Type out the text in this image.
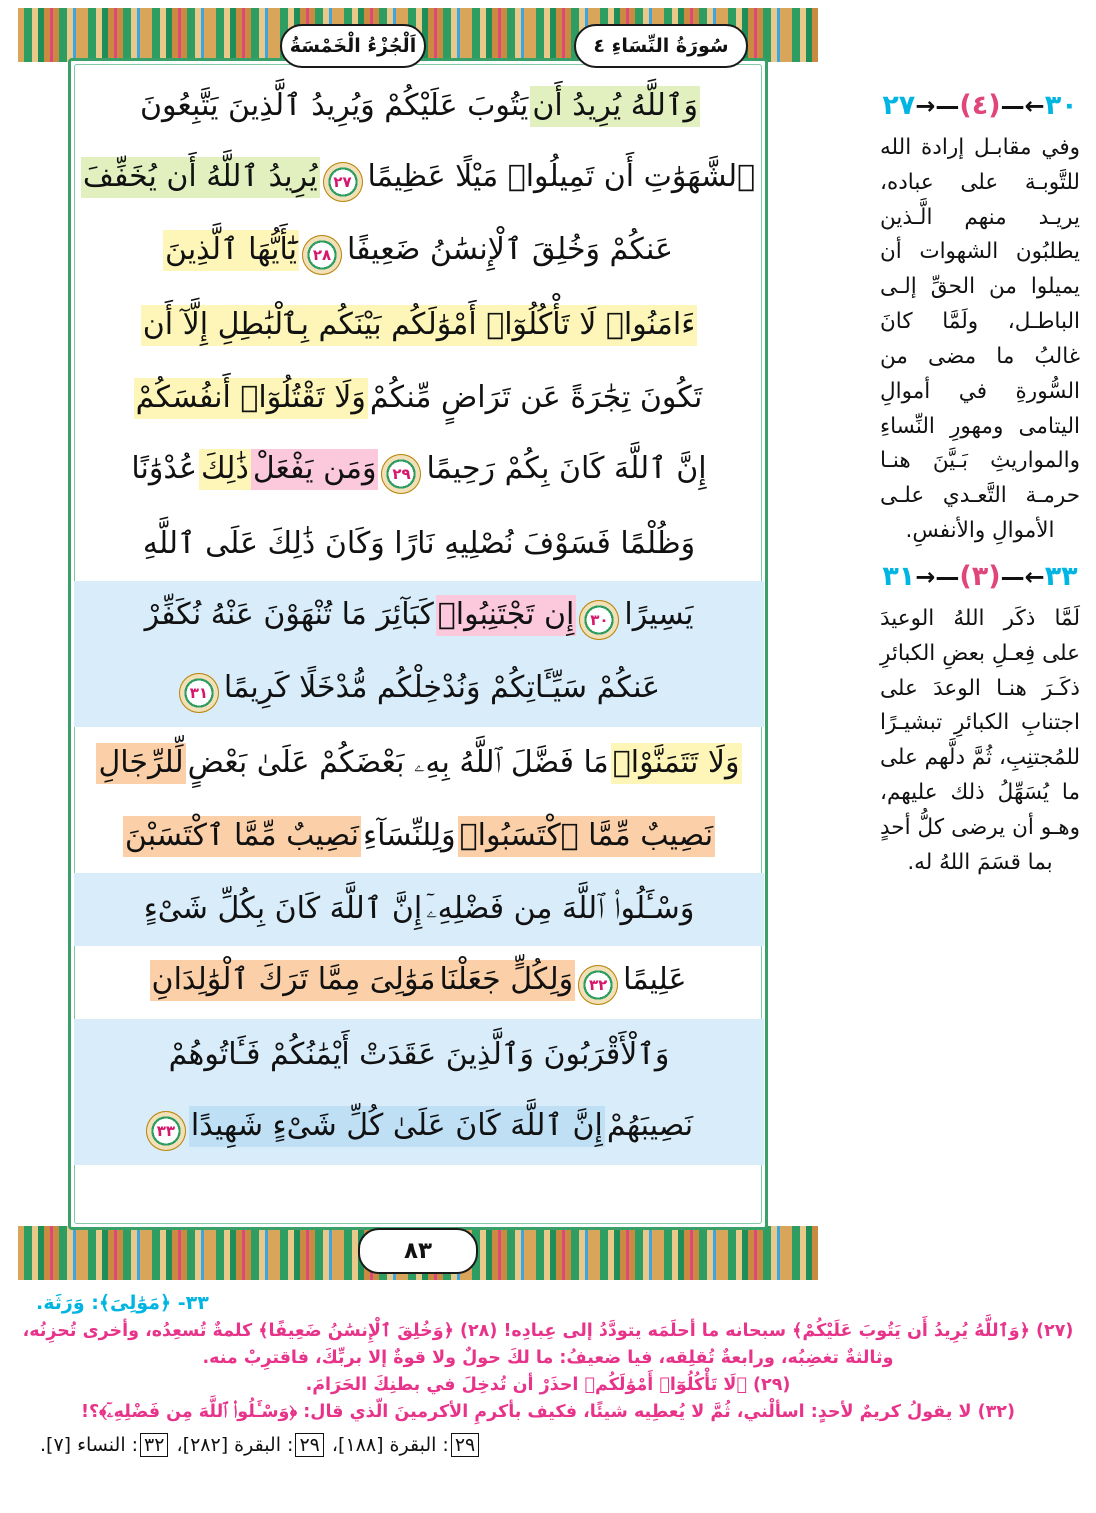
سُورَةُ النِّسَاءِ ٤
اَلْجُزْءُ الْخَمْسَةُ
٨٣
وَٱللَّهُ يُرِيدُ أَنيَتُوبَ عَلَيْكُمْ وَيُرِيدُ ٱلَّذِينَ يَتَّبِعُونَ
ٱلشَّهَوَٰتِ أَن تَمِيلُوا۟ مَيْلًا عَظِيمًا٢٧يُرِيدُ ٱللَّهُ أَن يُخَفِّفَ
عَنكُمْ وَخُلِقَ ٱلْإِنسَٰنُ ضَعِيفًا٢٨يَٰٓأَيُّهَا ٱلَّذِينَ
ءَامَنُوا۟ لَا تَأْكُلُوٓا۟ أَمْوَٰلَكُم بَيْنَكُم بِٱلْبَٰطِلِ إِلَّآ أَن
تَكُونَ تِجَٰرَةً عَن تَرَاضٍ مِّنكُمْوَلَا تَقْتُلُوٓا۟ أَنفُسَكُمْ
إِنَّ ٱللَّهَ كَانَ بِكُمْ رَحِيمًا٢٩وَمَن يَفْعَلْذَٰلِكَعُدْوَٰنًا
وَظُلْمًا فَسَوْفَ نُصْلِيهِ نَارًا وَكَانَ ذَٰلِكَ عَلَى ٱللَّهِ
يَسِيرًا٣٠إِن تَجْتَنِبُوا۟كَبَآئِرَ مَا تُنْهَوْنَ عَنْهُ نُكَفِّرْ
عَنكُمْ سَيِّـَٔاتِكُمْ وَنُدْخِلْكُم مُّدْخَلًا كَرِيمًا٣١
وَلَا تَتَمَنَّوْا۟مَا فَضَّلَ ٱللَّهُ بِهِۦ بَعْضَكُمْ عَلَىٰ بَعْضٍلِّلرِّجَالِ
نَصِيبٌ مِّمَّا ٱكْتَسَبُوا۟وَلِلنِّسَآءِنَصِيبٌ مِّمَّا ٱكْتَسَبْنَ
وَسْـَٔلُوا۟ ٱللَّهَ مِن فَضْلِهِۦٓإِنَّ ٱللَّهَ كَانَ بِكُلِّ شَىْءٍ
عَلِيمًا٣٢وَلِكُلٍّ جَعَلْنَامَوَٰلِىَ مِمَّا تَرَكَ ٱلْوَٰلِدَانِ
وَٱلْأَقْرَبُونَ وَٱلَّذِينَ عَقَدَتْ أَيْمَٰنُكُمْ فَـَٔاتُوهُمْ
نَصِيبَهُمْإِنَّ ٱللَّهَ كَانَ عَلَىٰ كُلِّ شَىْءٍ شَهِيدًا٣٣
٣٠←—(٤)—→٢٧
وفي مقابـل إرادة الله للتَّوبـة على عباده، يريـد منهم الَّـذين يطلبُون الشهوات أن يميلوا من الحقِّ إلـى الباطـل، ولَمَّا كانَ غالبُ ما مضى من السُّورةِ في أموالِ اليتامى ومهورِ النِّساءِ والمواريثِ بَـيَّنَ هنـا حرمـة التَّعـدي علـى الأموالِ والأنفسِ.
٣٣←—(٣)—→٣١
لَمَّا ذكَر اللهُ الوعيدَ على فِعـلِ بعضِ الكبائرِ ذكَـرَ هنـا الوعدَ على اجتنابِ الكبائرِ تبشيـرًا للمُجتنِبِ، ثُمَّ دلَّهم على ما يُسَهِّلُ ذلك عليهم، وهـو أن يرضى كلُّ أحدٍ بما قسَمَ اللهُ له.
٣٣- ﴿مَوَٰلِىَ﴾: وَرَثَة.
(٢٧) ﴿وَٱللَّهُ يُرِيدُ أَن يَتُوبَ عَلَيْكُمْ﴾ سبحانه ما أحلَمَه يتودَّدُ إلى عِبادِه! (٢٨) ﴿وَخُلِقَ ٱلْإِنسَٰنُ ضَعِيفًا﴾ كلمةٌ تُسعِدُه، وأخرى تُحزِنُه،
وثالثةٌ تغضِبُه، ورابعةٌ تُقلِقه، فيا ضعيفُ: ما لكَ حولٌ ولا قوةٌ إلا بربِّكَ، فاقترِبْ منه.
(٢٩) ﴿لَا تَأْكُلُوٓا۟ أَمْوَٰلَكُم﴾ احذَرْ أن تُدخِلَ في بطنِكَ الحَرَامَ.
(٣٢) لا يقولُ كريمٌ لأحدٍ: اسألْني، ثُمَّ لا يُعطِيه شيئًا، فكيف بأكرمِ الأكرمينَ الّذي قال: ﴿وَسْـَٔلُوا۟ ٱللَّهَ مِن فَضْلِهِۦٓ﴾؟!
٢٩: البقرة [١٨٨]، ٢٩: البقرة [٢٨٢]، ٣٢: النساء [٧].
